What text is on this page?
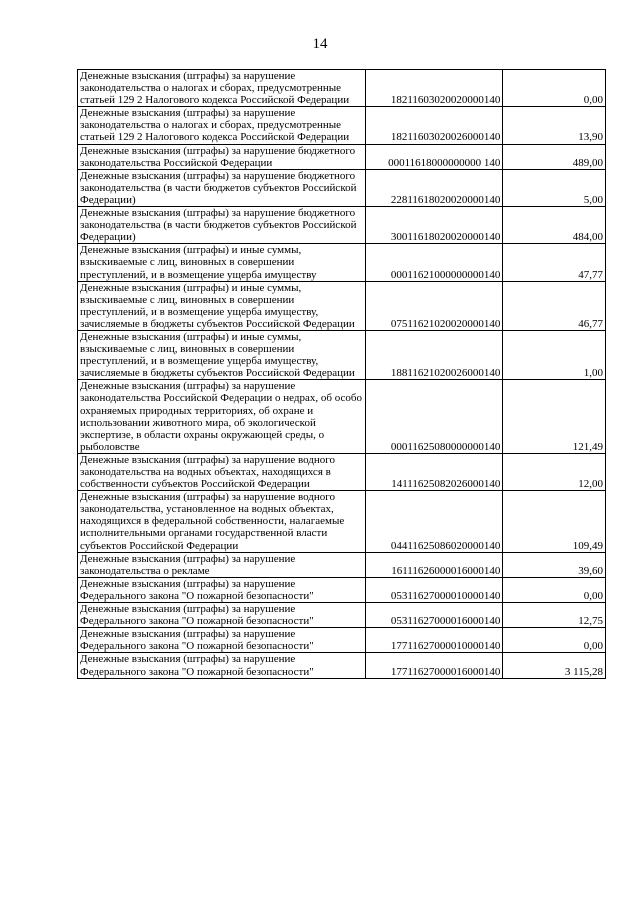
14
Денежные взыскания (штрафы) за нарушение законодательства о налогах и сборах, предусмотренные статьей 129 2 Налогового кодекса Российской Федерации	18211603020020000140	0,00
Денежные взыскания (штрафы) за нарушение законодательства о налогах и сборах, предусмотренные статьей 129 2 Налогового кодекса Российской Федерации	18211603020026000140	13,90
Денежные взыскания (штрафы) за нарушение бюджетного законодательства Российской Федерации	00011618000000000 140	489,00
Денежные взыскания (штрафы) за нарушение бюджетного законодательства (в части бюджетов субъектов Российской Федерации)	22811618020020000140	5,00
Денежные взыскания (штрафы) за нарушение бюджетного законодательства (в части бюджетов субъектов Российской Федерации)	30011618020020000140	484,00
Денежные взыскания (штрафы) и иные суммы, взыскиваемые с лиц, виновных в совершении преступлений, и в возмещение ущерба имуществу	00011621000000000140	47,77
Денежные взыскания (штрафы) и иные суммы, взыскиваемые с лиц, виновных в совершении преступлений, и в возмещение ущерба имуществу, зачисляемые в бюджеты субъектов Российской Федерации	07511621020020000140	46,77
Денежные взыскания (штрафы) и иные суммы, взыскиваемые с лиц, виновных в совершении преступлений, и в возмещение ущерба имуществу, зачисляемые в бюджеты субъектов Российской Федерации	18811621020026000140	1,00
Денежные взыскания (штрафы) за нарушение законодательства Российской Федерации о недрах, об особо охраняемых природных территориях, об охране и использовании животного мира, об экологической экспертизе, в области охраны окружающей среды, о рыболовстве	00011625080000000140	121,49
Денежные взыскания (штрафы) за нарушение водного законодательства на водных объектах, находящихся в собственности субъектов Российской Федерации	14111625082026000140	12,00
Денежные взыскания (штрафы) за нарушение водного законодательства, установленное на водных объектах, находящихся в федеральной собственности, налагаемые исполнительными органами государственной власти субъектов Российской Федерации	04411625086020000140	109,49
Денежные взыскания (штрафы) за нарушение законодательства о рекламе	16111626000016000140	39,60
Денежные взыскания (штрафы) за нарушение Федерального закона "О пожарной безопасности"	05311627000010000140	0,00
Денежные взыскания (штрафы) за нарушение Федерального закона "О пожарной безопасности"	05311627000016000140	12,75
Денежные взыскания (штрафы) за нарушение Федерального закона "О пожарной безопасности"	17711627000010000140	0,00
Денежные взыскания (штрафы) за нарушение Федерального закона "О пожарной безопасности"	17711627000016000140	3 115,28
